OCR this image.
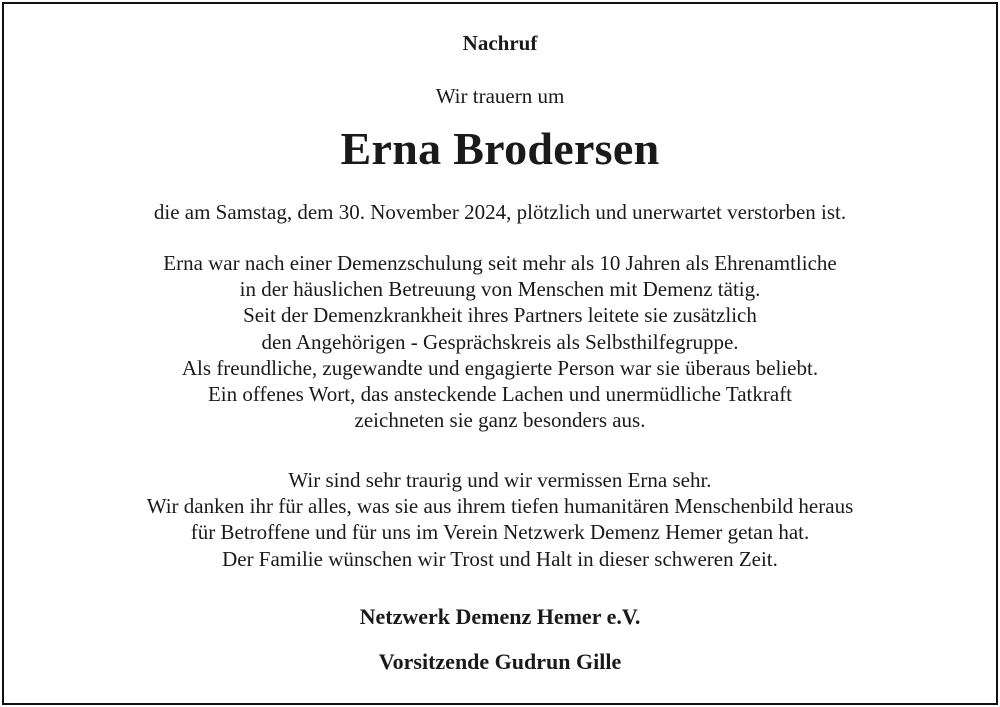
Nachruf
Wir trauern um
Erna Brodersen
die am Samstag, dem 30. November 2024, plötzlich und unerwartet verstorben ist.
Erna war nach einer Demenzschulung seit mehr als 10 Jahren als Ehrenamtliche
in der häuslichen Betreuung von Menschen mit Demenz tätig.
Seit der Demenzkrankheit ihres Partners leitete sie zusätzlich
den Angehörigen - Gesprächskreis als Selbsthilfegruppe.
Als freundliche, zugewandte und engagierte Person war sie überaus beliebt.
Ein offenes Wort, das ansteckende Lachen und unermüdliche Tatkraft
zeichneten sie ganz besonders aus.
Wir sind sehr traurig und wir vermissen Erna sehr.
Wir danken ihr für alles, was sie aus ihrem tiefen humanitären Menschenbild heraus
für Betroffene und für uns im Verein Netzwerk Demenz Hemer getan hat.
Der Familie wünschen wir Trost und Halt in dieser schweren Zeit.
Netzwerk Demenz Hemer e.V.
Vorsitzende Gudrun Gille
